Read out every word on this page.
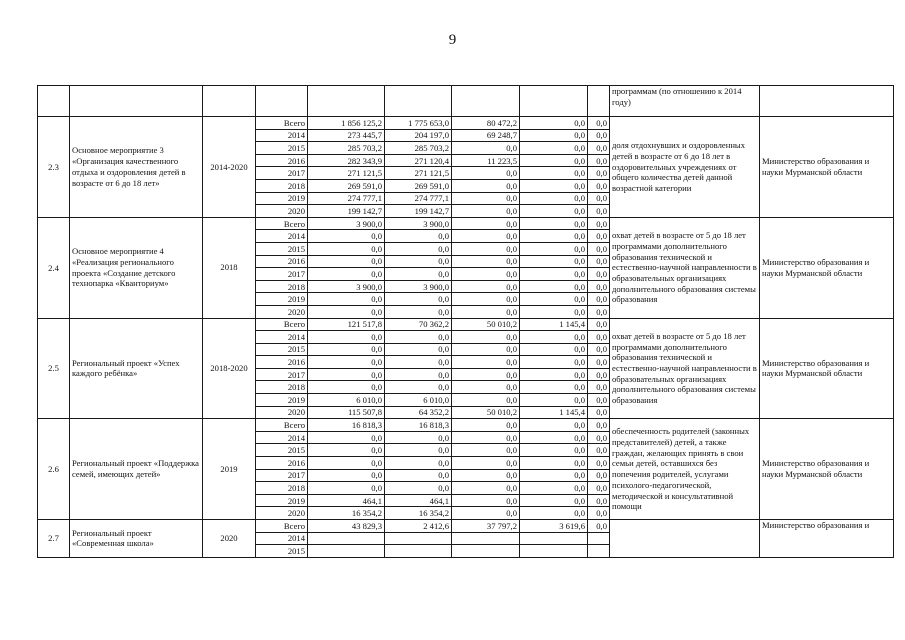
9
									программам (по отношению к 2014 году)	
2.3	Основное мероприятие 3 «Организация качественного отдыха и оздоровления детей в возрасте от 6 до 18 лет»	2014-2020	Всего	1 856 125,2	1 775 653,0	80 472,2	0,0	0,0	доля отдохнувших и оздоровленных детей в возрасте от 6 до 18 лет в оздоровительных учреждениях от общего количества детей данной возрастной категории	Министерство образования и науки Мурманской области
			2014	273 445,7	204 197,0	69 248,7	0,0	0,0		
			2015	285 703,2	285 703,2	0,0	0,0	0,0		
			2016	282 343,9	271 120,4	11 223,5	0,0	0,0		
			2017	271 121,5	271 121,5	0,0	0,0	0,0		
			2018	269 591,0	269 591,0	0,0	0,0	0,0		
			2019	274 777,1	274 777,1	0,0	0,0	0,0		
			2020	199 142,7	199 142,7	0,0	0,0	0,0		
2.4	Основное мероприятие 4 «Реализация регионального проекта «Создание детского технопарка «Кванториум»	2018	Всего	3 900,0	3 900,0	0,0	0,0	0,0	охват детей в возрасте от 5 до 18 лет программами дополнительного образования технической и естественно-научной направленности в образовательных организациях дополнительного образования системы образования	Министерство образования и науки Мурманской области
			2014	0,0	0,0	0,0	0,0	0,0		
			2015	0,0	0,0	0,0	0,0	0,0		
			2016	0,0	0,0	0,0	0,0	0,0		
			2017	0,0	0,0	0,0	0,0	0,0		
			2018	3 900,0	3 900,0	0,0	0,0	0,0		
			2019	0,0	0,0	0,0	0,0	0,0		
			2020	0,0	0,0	0,0	0,0	0,0		
2.5	Региональный проект «Успех каждого ребёнка»	2018-2020	Всего	121 517,8	70 362,2	50 010,2	1 145,4	0,0	охват детей в возрасте от 5 до 18 лет программами дополнительного образования технической и естественно-научной направленности в образовательных организациях дополнительного образования системы образования	Министерство образования и науки Мурманской области
			2014	0,0	0,0	0,0	0,0	0,0		
			2015	0,0	0,0	0,0	0,0	0,0		
			2016	0,0	0,0	0,0	0,0	0,0		
			2017	0,0	0,0	0,0	0,0	0,0		
			2018	0,0	0,0	0,0	0,0	0,0		
			2019	6 010,0	6 010,0	0,0	0,0	0,0		
			2020	115 507,8	64 352,2	50 010,2	1 145,4	0,0		
2.6	Региональный проект «Поддержка семей, имеющих детей»	2019	Всего	16 818,3	16 818,3	0,0	0,0	0,0	обеспеченность родителей (законных представителей) детей, а также граждан, желающих принять в свои семьи детей, оставшихся без попечения родителей, услугами психолого-педагогической, методической и консультативной помощи	Министерство образования и науки Мурманской области
			2014	0,0	0,0	0,0	0,0	0,0		
			2015	0,0	0,0	0,0	0,0	0,0		
			2016	0,0	0,0	0,0	0,0	0,0		
			2017	0,0	0,0	0,0	0,0	0,0		
			2018	0,0	0,0	0,0	0,0	0,0		
			2019	464,1	464,1	0,0	0,0	0,0		
			2020	16 354,2	16 354,2	0,0	0,0	0,0		
2.7	Региональный проект «Современная школа»	2020	Всего	43 829,3	2 412,6	37 797,2	3 619,6	0,0		Министерство образования и
			2014							
			2015							
